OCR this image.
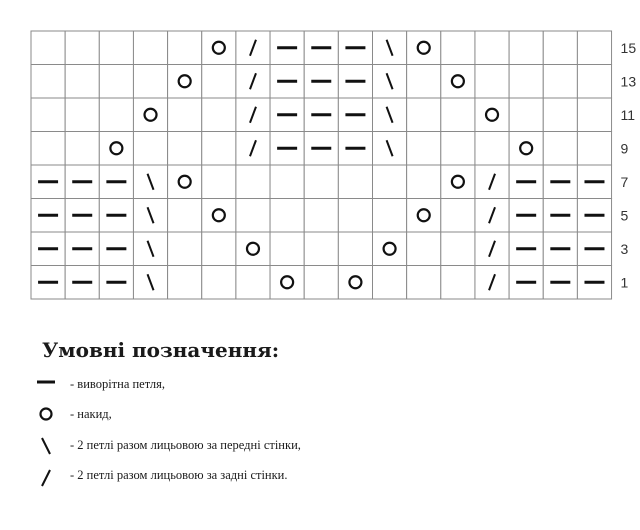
15
13
11
9
7
5
3
1
Умовні позначення:
- виворітна петля,
- накид,
- 2 петлі разом лицьовою за передні стінки,
- 2 петлі разом лицьовою за задні стінки.
